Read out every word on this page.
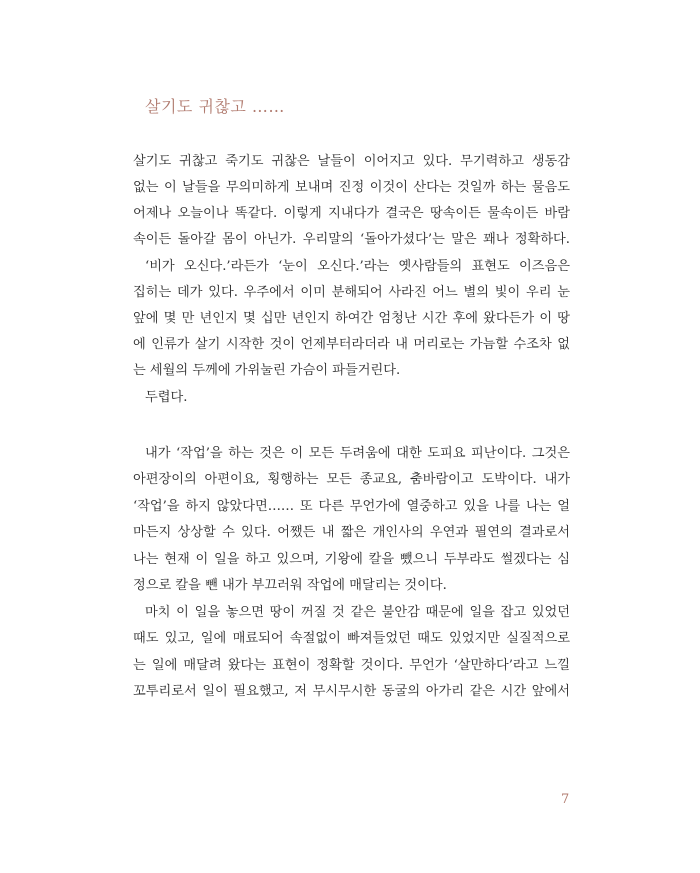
살기도 귀찮고 ……
살기도 귀찮고 죽기도 귀찮은 날들이 이어지고 있다. 무기력하고 생동감
없는 이 날들을 무의미하게 보내며 진정 이것이 산다는 것일까 하는 물음도
어제나 오늘이나 똑같다. 이렇게 지내다가 결국은 땅속이든 물속이든 바람
속이든 돌아갈 몸이 아닌가. 우리말의 ‘돌아가셨다’는 말은 꽤나 정확하다.
‘비가 오신다.’라든가 ‘눈이 오신다.’라는 옛사람들의 표현도 이즈음은
집히는 데가 있다. 우주에서 이미 분해되어 사라진 어느 별의 빛이 우리 눈
앞에 몇 만 년인지 몇 십만 년인지 하여간 엄청난 시간 후에 왔다든가 이 땅
에 인류가 살기 시작한 것이 언제부터라더라 내 머리로는 가늠할 수조차 없
는 세월의 두께에 가위눌린 가슴이 파들거린다.
두렵다.
내가 ‘작업’을 하는 것은 이 모든 두려움에 대한 도피요 피난이다. 그것은
아편장이의 아편이요, 횡행하는 모든 종교요, 춤바람이고 도박이다. 내가
‘작업’을 하지 않았다면…… 또 다른 무언가에 열중하고 있을 나를 나는 얼
마든지 상상할 수 있다. 어쨌든 내 짧은 개인사의 우연과 필연의 결과로서
나는 현재 이 일을 하고 있으며, 기왕에 칼을 뺐으니 두부라도 썰겠다는 심
정으로 칼을 뺀 내가 부끄러워 작업에 매달리는 것이다.
마치 이 일을 놓으면 땅이 꺼질 것 같은 불안감 때문에 일을 잡고 있었던
때도 있고, 일에 매료되어 속절없이 빠져들었던 때도 있었지만 실질적으로
는 일에 매달려 왔다는 표현이 정확할 것이다. 무언가 ‘살만하다’라고 느낄
꼬투리로서 일이 필요했고, 저 무시무시한 동굴의 아가리 같은 시간 앞에서
7
